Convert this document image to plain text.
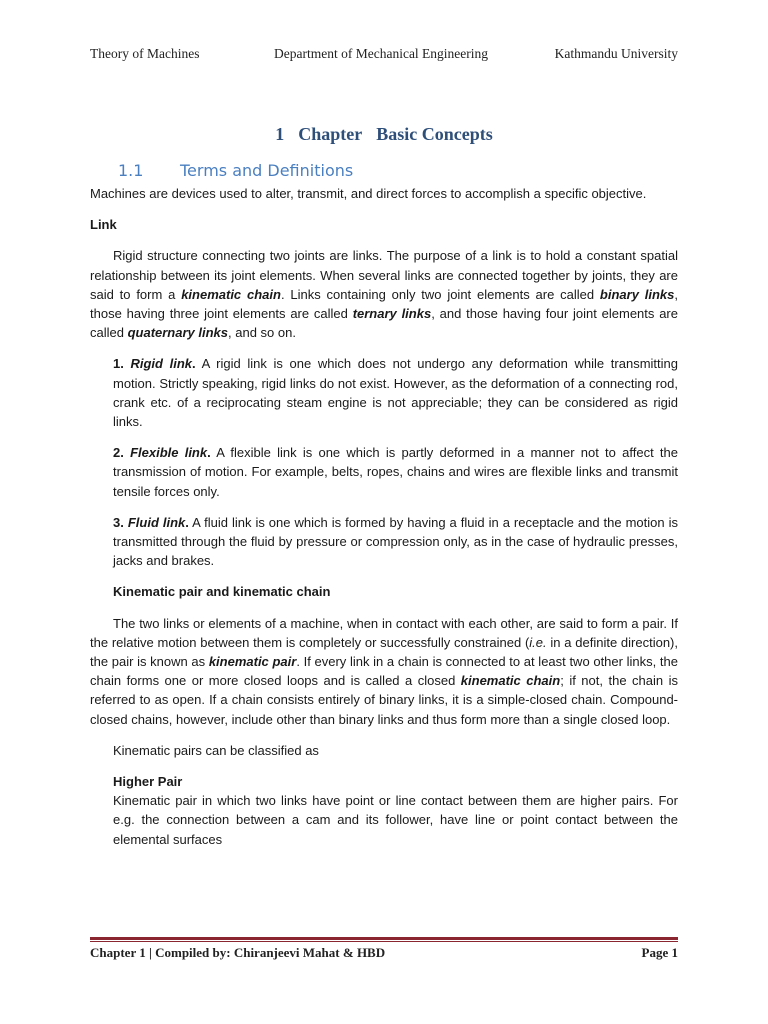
Theory of Machines	Department of Mechanical Engineering	Kathmandu University
1 Chapter Basic Concepts
1.1 Terms and Definitions

Machines are devices used to alter, transmit, and direct forces to accomplish a specific objective.

Link

Rigid structure connecting two joints are links. The purpose of a link is to hold a constant spatial relationship between its joint elements. When several links are connected together by joints, they are said to form a kinematic chain. Links containing only two joint elements are called binary links, those having three joint elements are called ternary links, and those having four joint elements are called quaternary links, and so on.

1. Rigid link. A rigid link is one which does not undergo any deformation while transmitting motion. Strictly speaking, rigid links do not exist. However, as the deformation of a connecting rod, crank etc. of a reciprocating steam engine is not appreciable; they can be considered as rigid links.

2. Flexible link. A flexible link is one which is partly deformed in a manner not to affect the transmission of motion. For example, belts, ropes, chains and wires are flexible links and transmit tensile forces only.

3. Fluid link. A fluid link is one which is formed by having a fluid in a receptacle and the motion is transmitted through the fluid by pressure or compression only, as in the case of hydraulic presses, jacks and brakes.

Kinematic pair and kinematic chain

The two links or elements of a machine, when in contact with each other, are said to form a pair. If the relative motion between them is completely or successfully constrained (i.e. in a definite direction), the pair is known as kinematic pair. If every link in a chain is connected to at least two other links, the chain forms one or more closed loops and is called a closed kinematic chain; if not, the chain is referred to as open. If a chain consists entirely of binary links, it is a simple-closed chain. Compound-closed chains, however, include other than binary links and thus form more than a single closed loop.

Kinematic pairs can be classified as

Higher Pair

Kinematic pair in which two links have point or line contact between them are higher pairs. For e.g. the connection between a cam and its follower, have line or point contact between the elemental surfaces

Chapter 1 | Compiled by: Chiranjeevi Mahat & HBD	Page 1
